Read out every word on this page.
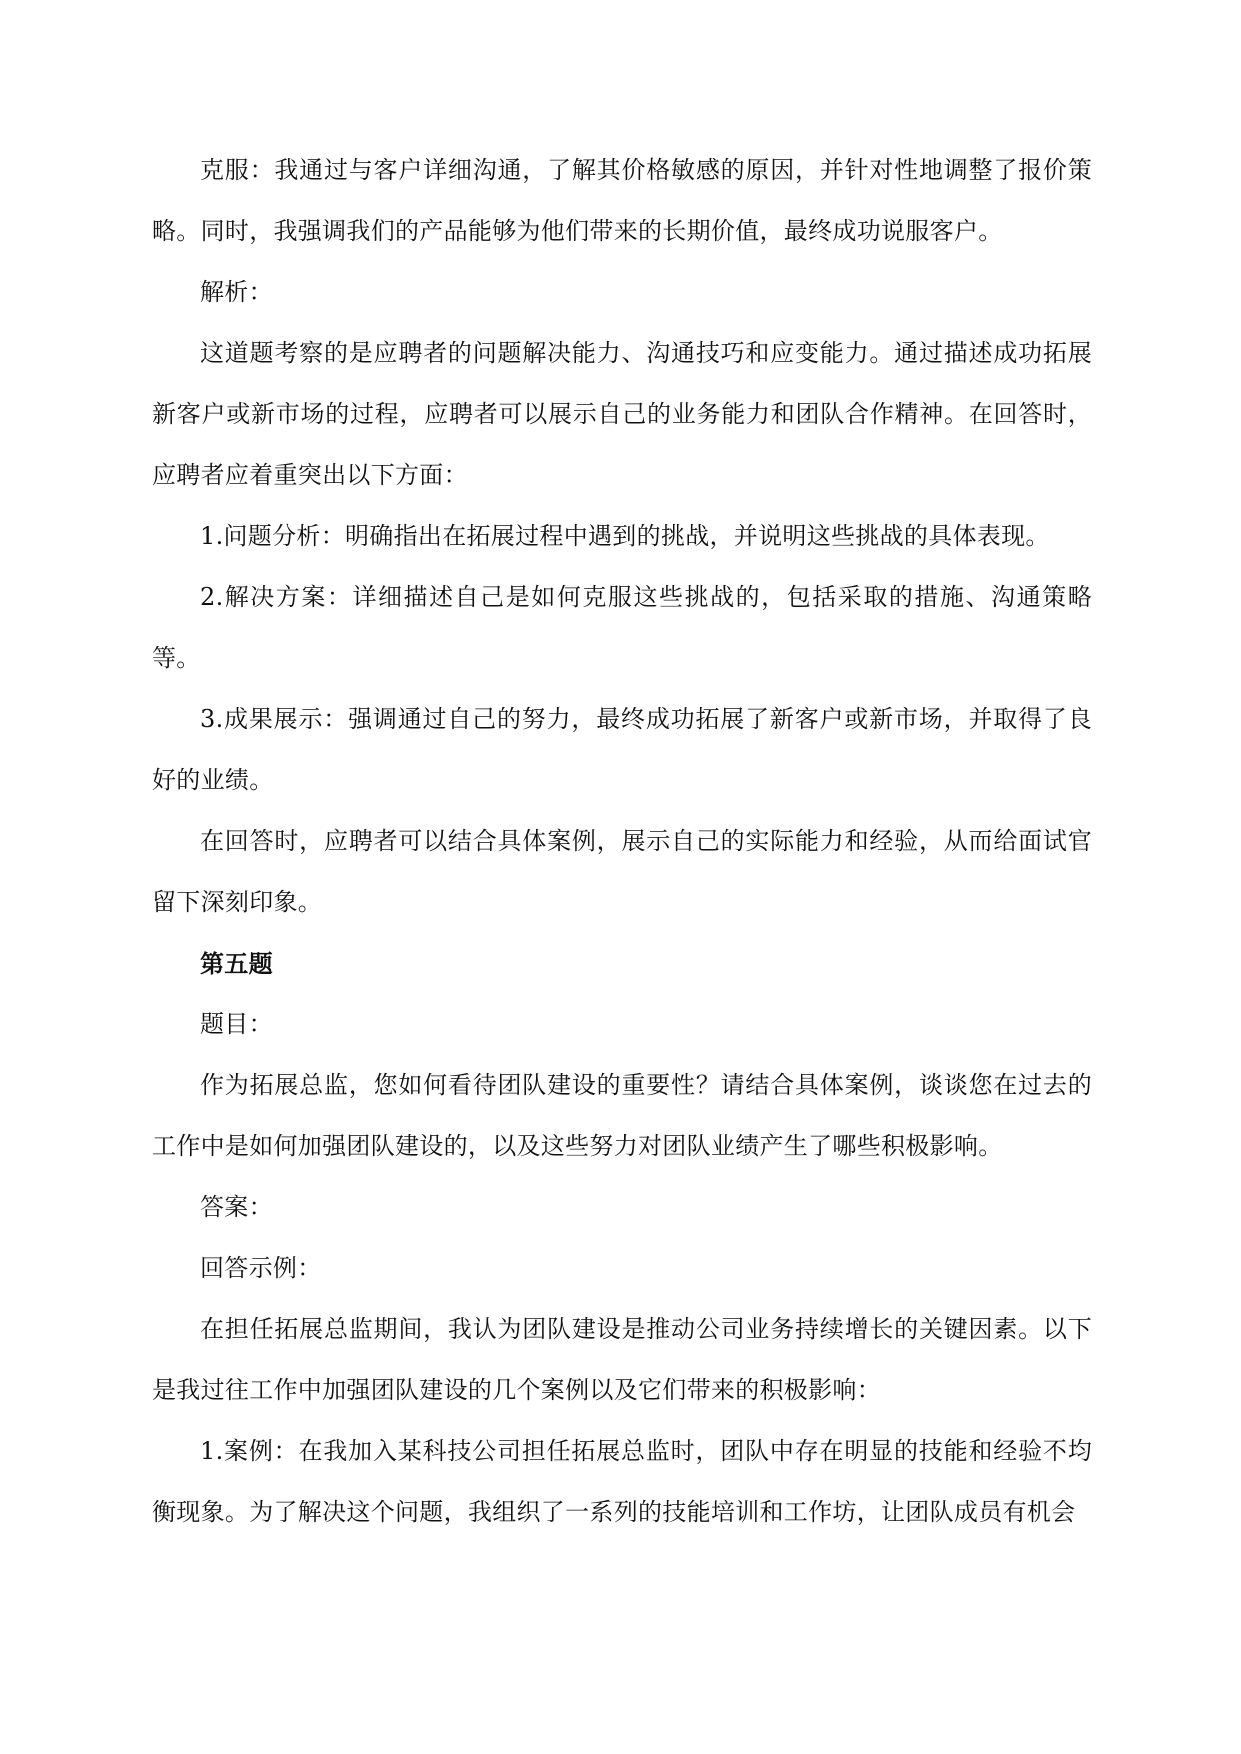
克服：我通过与客户详细沟通，了解其价格敏感的原因，并针对性地调整了报价策略。同时，我强调我们的产品能够为他们带来的长期价值，最终成功说服客户。

解析：

这道题考察的是应聘者的问题解决能力、沟通技巧和应变能力。通过描述成功拓展新客户或新市场的过程，应聘者可以展示自己的业务能力和团队合作精神。在回答时，应聘者应着重突出以下方面：

1.问题分析：明确指出在拓展过程中遇到的挑战，并说明这些挑战的具体表现。

2.解决方案：详细描述自己是如何克服这些挑战的，包括采取的措施、沟通策略等。

3.成果展示：强调通过自己的努力，最终成功拓展了新客户或新市场，并取得了良好的业绩。

在回答时，应聘者可以结合具体案例，展示自己的实际能力和经验，从而给面试官留下深刻印象。

第五题

题目：

作为拓展总监，您如何看待团队建设的重要性？请结合具体案例，谈谈您在过去的工作中是如何加强团队建设的，以及这些努力对团队业绩产生了哪些积极影响。

答案：

回答示例：

在担任拓展总监期间，我认为团队建设是推动公司业务持续增长的关键因素。以下是我过往工作中加强团队建设的几个案例以及它们带来的积极影响：

1.案例：在我加入某科技公司担任拓展总监时，团队中存在明显的技能和经验不均衡现象。为了解决这个问题，我组织了一系列的技能培训和工作坊，让团队成员有机会
